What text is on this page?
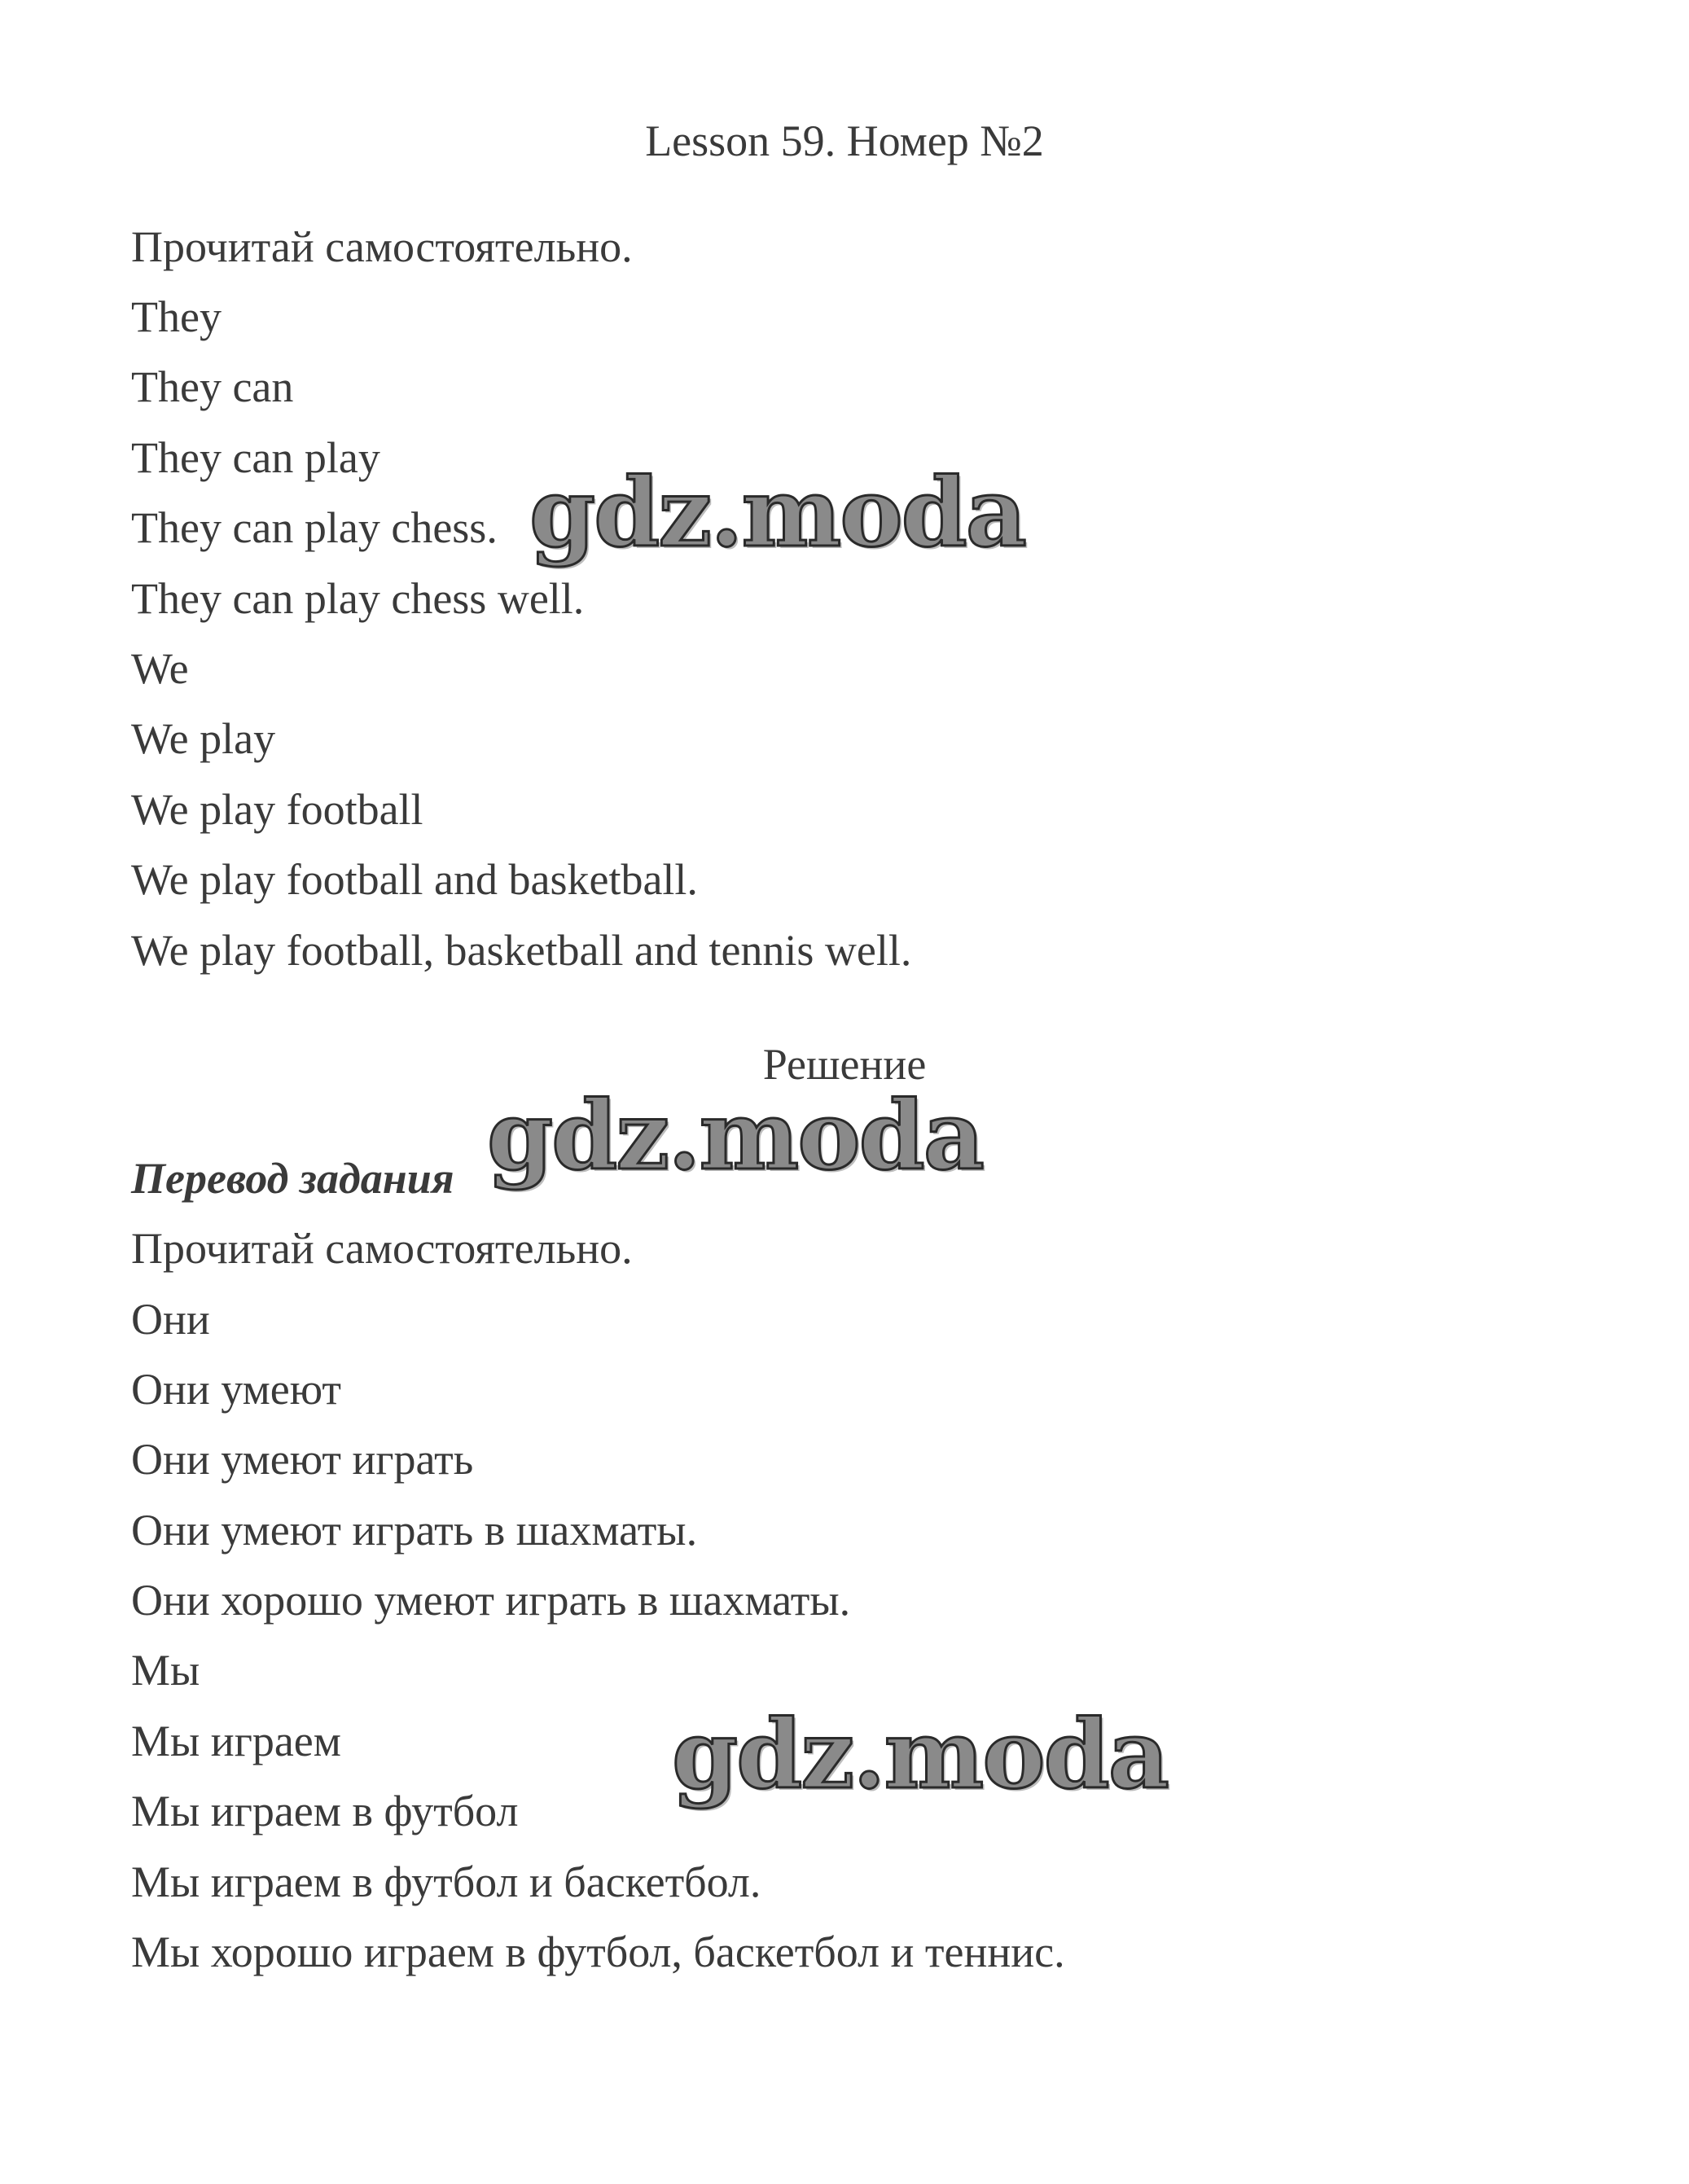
Lesson 59. Номер №2
Прочитай самостоятельно.
They
They can
They can play
They can play chess.
They can play chess well.
We
We play
We play football
We play football and basketball.
We play football, basketball and tennis well.
Решение
Перевод задания
Прочитай самостоятельно.
Они
Они умеют
Они умеют играть
Они умеют играть в шахматы.
Они хорошо умеют играть в шахматы.
Мы
Мы играем
Мы играем в футбол
Мы играем в футбол и баскетбол.
Мы хорошо играем в футбол, баскетбол и теннис.
gdz.moda
gdz.moda
gdz.moda
